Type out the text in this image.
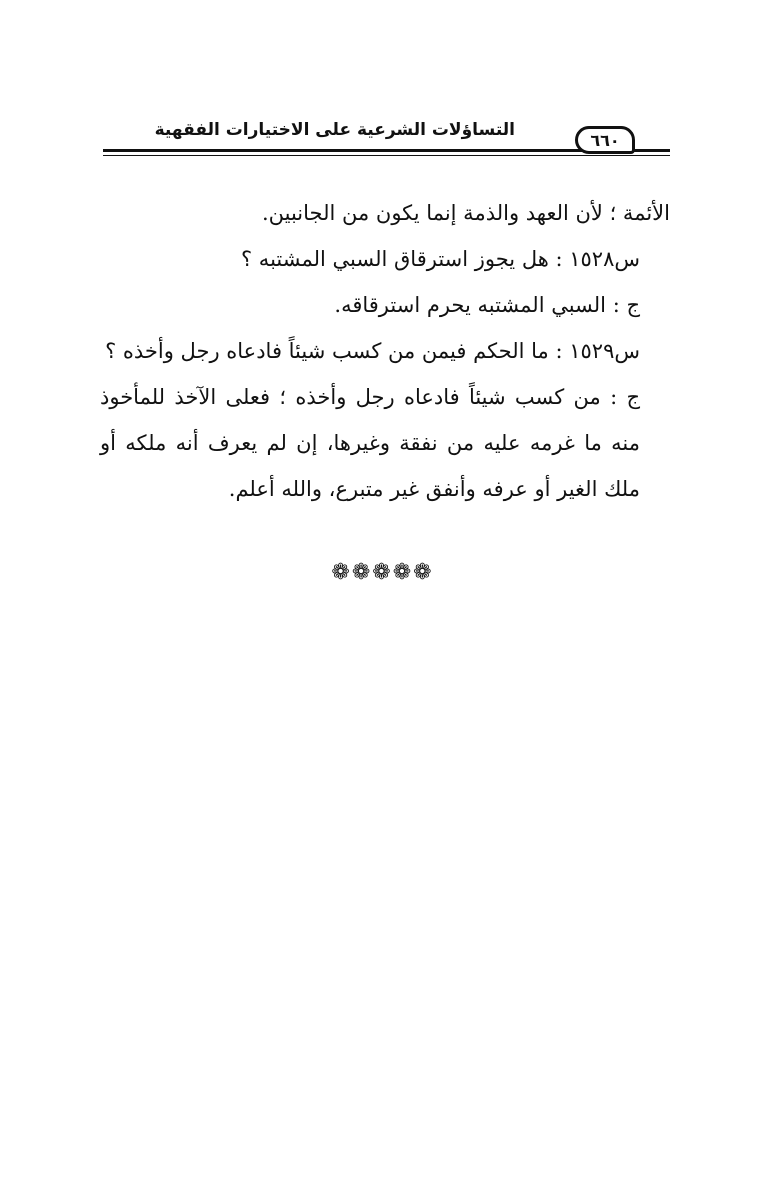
التساؤلات الشرعية على الاختيارات الفقهية	٦٦٠

الأئمة ؛ لأن العهد والذمة إنما يكون من الجانبين.

س١٥٢٨ : هل يجوز استرقاق السبي المشتبه ؟

ج : السبي المشتبه يحرم استرقاقه.

س١٥٢٩ : ما الحكم فيمن من كسب شيئاً فادعاه رجل وأخذه ؟

ج : من كسب شيئاً فادعاه رجل وأخذه ؛ فعلى الآخذ للمأخوذ منه ما غرمه عليه من نفقة وغيرها، إن لم يعرف أنه ملكه أو ملك الغير أو عرفه وأنفق غير متبرع، والله أعلم.

❁❁❁❁❁
